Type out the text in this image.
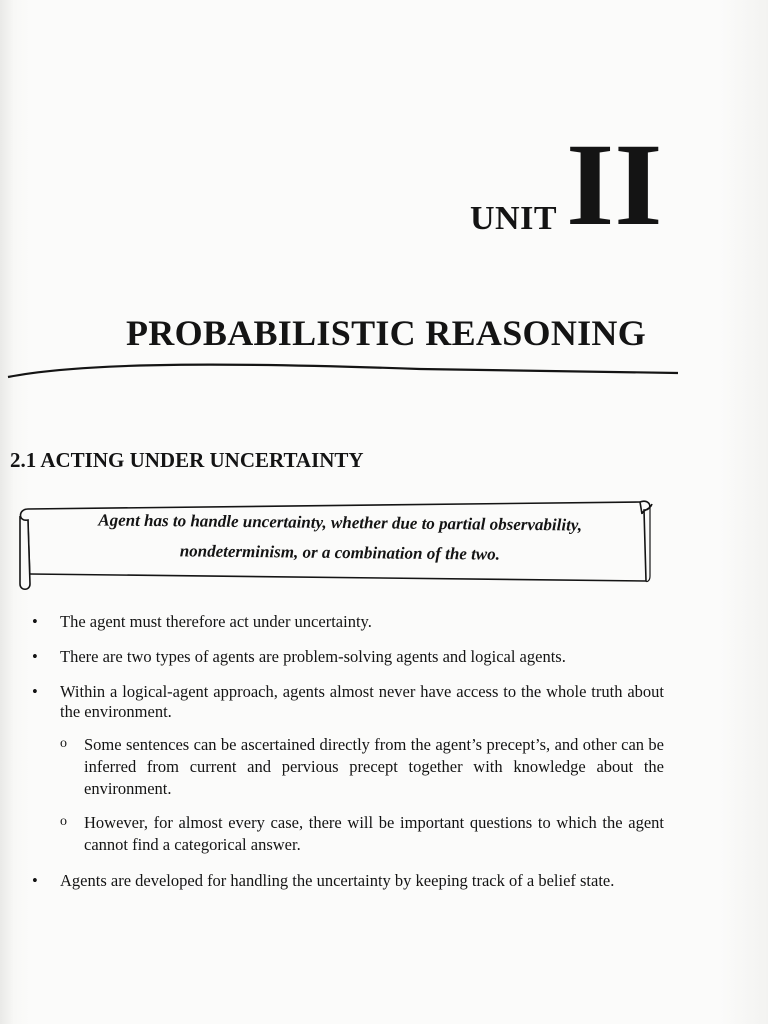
UNIT II
PROBABILISTIC REASONING
2.1 ACTING UNDER UNCERTAINTY
Agent has to handle uncertainty, whether due to partial observability,
nondeterminism, or a combination of the two.
•	The agent must therefore act under uncertainty.
•	There are two types of agents are problem-solving agents and logical agents.
•	Within a logical-agent approach, agents almost never have access to the whole truth about the environment.
o	Some sentences can be ascertained directly from the agent’s precept’s, and other can be inferred from current and pervious precept together with knowledge about the environment.
o	However, for almost every case, there will be important questions to which the agent cannot find a categorical answer.
•	Agents are developed for handling the uncertainty by keeping track of a belief state.
